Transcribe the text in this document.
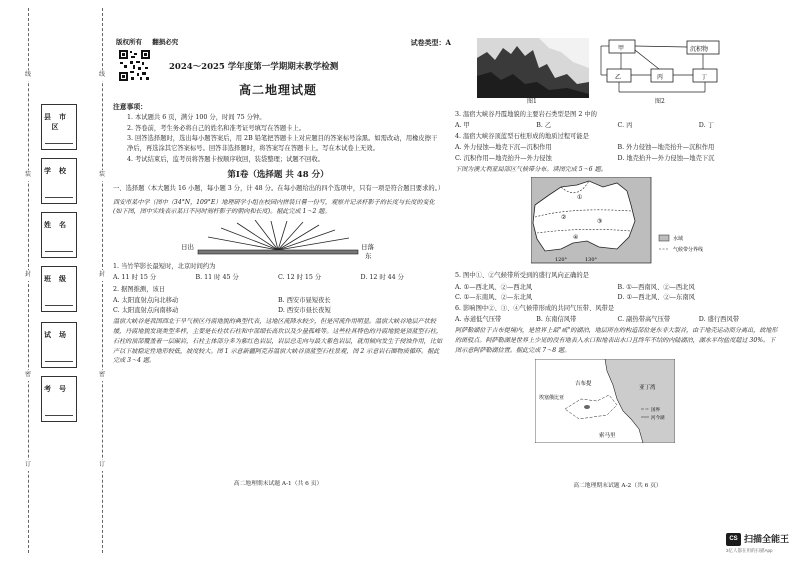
线
装
封
密
订
线
装
封
密
订
县市区
学校
姓名
班级
试场
考号
版权所有 翻损必究	试卷类型：A
2024～2025 学年度第一学期期末教学检测
高二地理试题
注意事项：
1. 本试题共 6 页，满分 100 分，时间 75 分钟。
2. 答卷前，考生务必将自己的姓名和准考证号填写在答题卡上。
3. 回答选择题时，选出每小题答案后，用 2B 铅笔把答题卡上对应题目的答案标号涂黑。如需改动，用橡皮擦干净后，再选涂其它答案标号。回答非选择题时，将答案写在答题卡上。写在本试卷上无效。
4. 考试结束后，监考员将答题卡按顺序收回，装袋整理；试题不回收。
第Ⅰ卷（选择题 共 48 分）
一、选择题（本大题共 16 小题，每小题 3 分，计 48 分。在每小题给出的四个选项中，只有一项是符合题目要求的。）
西安市某中学（图中（34°N，109°E）地理研学小组在校园内拼装日晷一份写，观察并记录杆影子的长度与长度的变化(如下图，图中实线表示某日不同时刻杆影子的朝向和长度)。据此完成 1～2 题。
日出	日落
东
1. 当竹竿影长最短时，北京时间约为
A. 11 时 15 分	B. 11 时 45 分	C. 12 时 15 分	D. 12 时 44 分
2. 据图推测，该日
A. 太阳直射点向北移动	B. 西安市昼短夜长
C. 太阳直射点向南移动	D. 西安市昼长夜短
温宿大峡谷是我国西北干旱气候区丹霞地貌的典型代表，这地区流降水较少，但是河流作用明显。温宿大峡谷地层产状较缓，丹霞地貌发现类型多样，主要是长柱状石柱和中部细长高坎以及少量孤峰等。这些柱具特色的丹霞地貌是顶蓝型石柱，石柱的顶部覆盖着一层碳岩，石柱主体部分多为紫红色岩层，岩层总走向与最大紫色岩层，就用倾向发生于侵蚀作用，比如产以下坡稳定性地形较低，坡度较大。图 1 示意新疆阿克苏温宿大峡谷顶蓝型石柱景观，图 2 示意岩石圈物质循环。据此完成 3～4 题。
高二地理期末试题 A-1（共 6 页）
图1
甲	沉积物
乙	丙	丁
图2
3. 温宿大峡谷丹霞地貌的主要岩石类型是图 2 中的
A. 甲	B. 乙	C. 丙	D. 丁
4. 温宿大峡谷顶蓝型石柱形成的地质过程可能是
A. 外力侵蚀—地壳下沉—沉积作用	B. 外力侵蚀—地壳抬升—沉积作用
C. 沉积作用—地壳抬升—外力侵蚀	D. 地壳抬升—外力侵蚀—地壳下沉
下图为澳大利亚局部区气候带分布。读图完成 5～6 题。
①
②
③
④
120°	130°
水域
气候带分界线
5. 图中①、②气候带所受到的盛行风向正确的是
A. ①—西北风、②—西北风	B. ①—西南风、②—西北风
C. ①—东南风、②—东北风	D. ①—西北风、②—东南风
6. 影响图中②、③、④气候带形成的共同气压带、风带是
A. 赤道低气压带	B. 东南信风带	C. 副热带高气压带	D. 盛行西风带
阿萨勒湖位于吉布提境内，是世界上最"咸"的湖泊，地层所在的构造部位是东非大裂谷，由于地壳运动而分离出，故地形的斑驳点。阿萨勒湖是世界上少见的没有地表入水口和地表出水口且终年不结的内陆湖泊，湖水平均盐度超过 30%。下图示意阿萨勒湖位置。据此完成 7～8 题。
吉布提
亚丁湾
埃塞俄比亚
索马里
国界
河今湖
高二地理期末试题 A-2（共 6 页）
CS 扫描全能王
3亿人都在用的扫描App
